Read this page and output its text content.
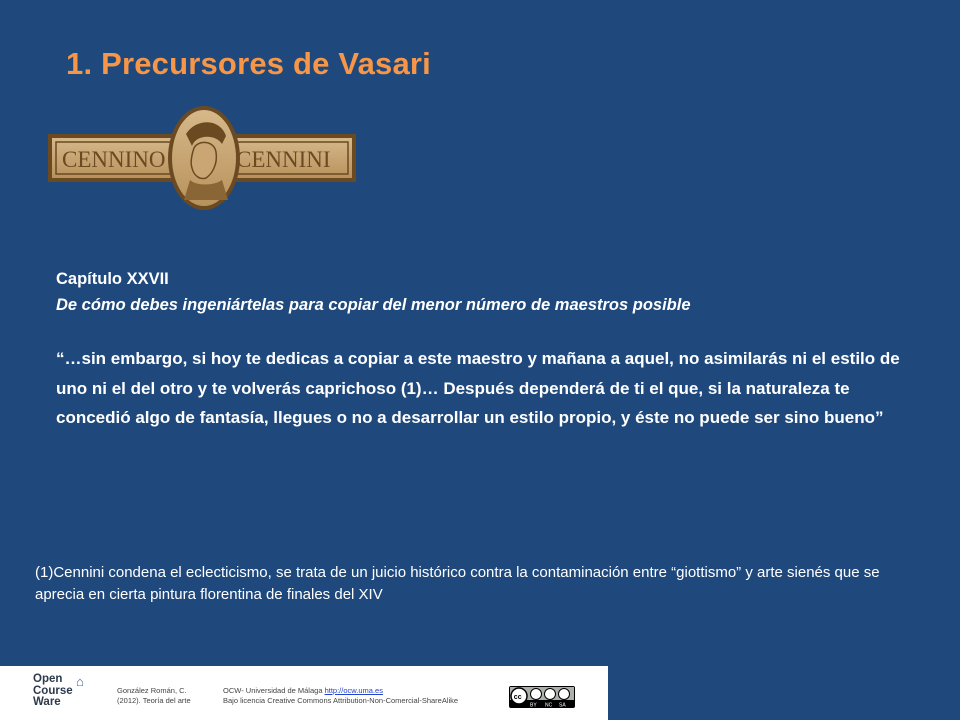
1. Precursores de Vasari
CENNINO	CENNINI
Capítulo XXVII
De cómo debes ingeniártelas para copiar del menor número de maestros posible
“…sin embargo, si hoy te dedicas a copiar a este maestro y mañana a aquel, no asimilarás ni el estilo de uno ni el del otro y te volverás caprichoso (1)… Después dependerá de ti el que, si la naturaleza te concedió algo de fantasía, llegues o no a desarrollar un estilo propio, y éste no puede ser sino bueno”
(1)Cennini condena el eclecticismo, se trata de un juicio histórico contra la contaminación entre “giottismo” y arte sienés que se aprecia en cierta pintura florentina de finales del XIV
Open
Course
Ware
⌂
González Román, C.
(2012). Teoría del arte
OCW- Universidad de Málaga http://ocw.uma.es
Bajo licencia Creative Commons Attribution-Non-Comercial-ShareAlike	cc
BY NC SA
